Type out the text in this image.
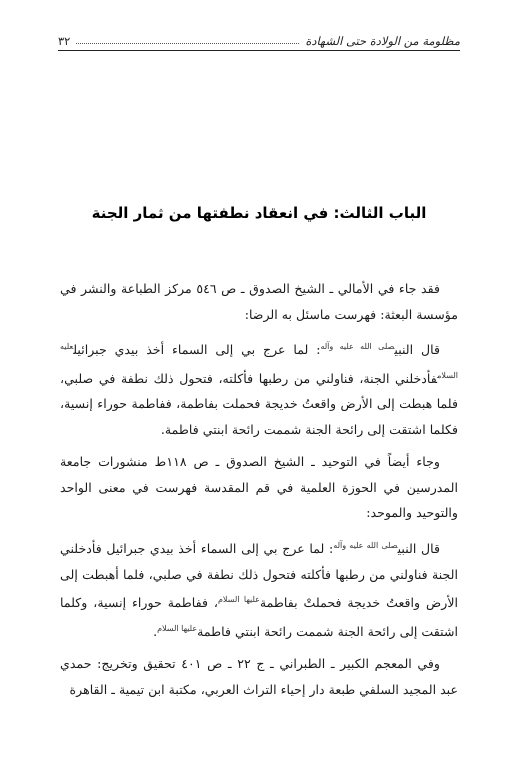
مظلومة من الولادة حتى الشهادة
٣٢
الباب الثالث: في انعقاد نطفتها من ثمار الجنة

فقد جاء في الأمالي ـ الشيخ الصدوق ـ ص ٥٤٦ مركز الطباعة والنشر في مؤسسة البعثة: فهرست ماسئل به الرضا:

قال النبي$^{صلى الله عليه وآله}$: لما عرج بي إلى السماء أخذ بيدي جبرائيل$^{عليه السلام}$فأدخلني الجنة، فناولني من رطبها فأكلته، فتحول ذلك نطفة في صلبي، فلما هبطت إلى الأرض واقعتُ خديجة فحملت بفاطمة، ففاطمة حوراء إنسية، فكلما اشتقت إلى رائحة الجنة شممت رائحة ابنتي فاطمة.

وجاء أيضاً في التوحيد ـ الشيخ الصدوق ـ ص ١١٨ط منشورات جامعة المدرسين في الحوزة العلمية في قم المقدسة فهرست في معنى الواحد والتوحيد والموحد:

قال النبي$^{صلى الله عليه وآله}$: لما عرج بي إلى السماء أخذ بيدي جبرائيل فأدخلني الجنة فناولني من رطبها فأكلته فتحول ذلك نطفة في صلبي، فلما أهبطت إلى الأرض واقعتُ خديجة فحملتْ بفاطمة$^{عليها السلام}$، ففاطمة حوراء إنسية، وكلما اشتقت إلى رائحة الجنة شممت رائحة ابنتي فاطمة$^{عليها السلام}$.

وفي المعجم الكبير ـ الطبراني ـ ج ٢٢ ـ ص ٤٠١ تحقيق وتخريج: حمدي عبد المجيد السلفي طبعة دار إحياء التراث العربي، مكتبة ابن تيمية ـ القاهرة
